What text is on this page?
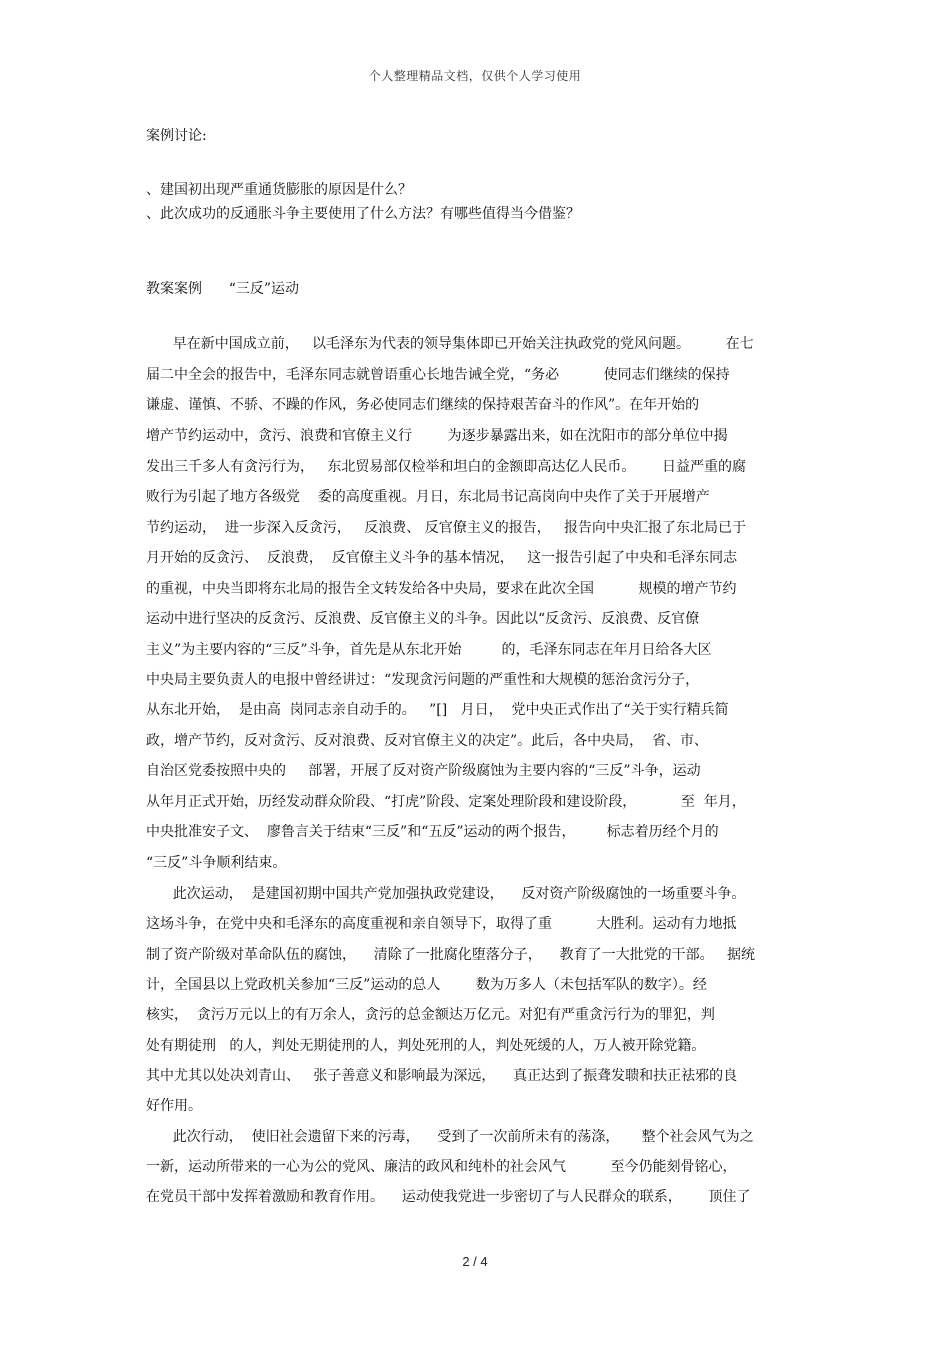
个人整理精品文档，仅供个人学习使用
案例讨论:
、建国初出现严重通货膨胀的原因是什么？
、此次成功的反通胀斗争主要使用了什么方法？有哪些值得当今借鉴？
教案案例      “三反”运动
早在新中国成立前，   以毛泽东为代表的领导集体即已开始关注执政党的党风问题。        在七
届二中全会的报告中，毛泽东同志就曾语重心长地告诫全党，“务必          使同志们继续的保持
谦虚、谨慎、不骄、不躁的作风，务必使同志们继续的保持艰苦奋斗的作风”。在年开始的
增产节约运动中，贪污、浪费和官僚主义行        为逐步暴露出来，如在沈阳市的部分单位中揭
发出三千多人有贪污行为，   东北贸易部仅检举和坦白的金额即高达亿人民币。      日益严重的腐
败行为引起了地方各级党    委的高度重视。月日，东北局书记高岗向中央作了关于开展增产
节约运动，  进一步深入反贪污，   反浪费、 反官僚主义的报告，   报告向中央汇报了东北局已于
月开始的反贪污、  反浪费，  反官僚主义斗争的基本情况，   这一报告引起了中央和毛泽东同志
的重视，中央当即将东北局的报告全文转发给各中央局，要求在此次全国          规模的增产节约
运动中进行坚决的反贪污、反浪费、反官僚主义的斗争。因此以“反贪污、反浪费、反官僚
主义”为主要内容的“三反”斗争，首先是从东北开始         的，毛泽东同志在年月日给各大区
中央局主要负责人的电报中曾经讲过：“发现贪污问题的严重性和大规模的惩治贪污分子，
从东北开始，  是由高  岗同志亲自动手的。   ”[]   月日，  党中央正式作出了“关于实行精兵简
政，增产节约，反对贪污、反对浪费、反对官僚主义的决定”。此后，各中央局，  省、市、
自治区党委按照中央的     部署，开展了反对资产阶级腐蚀为主要内容的“三反”斗争，运动
从年月正式开始，历经发动群众阶段、“打虎”阶段、定案处理阶段和建设阶段，          至  年月，
中央批准安子文、  廖鲁言关于结束“三反”和“五反”运动的两个报告，       标志着历经个月的
“三反”斗争顺利结束。
此次运动，  是建国初期中国共产党加强执政党建设，    反对资产阶级腐蚀的一场重要斗争。
这场斗争，在党中央和毛泽东的高度重视和亲自领导下，取得了重          大胜利。运动有力地抵
制了资产阶级对革命队伍的腐蚀，    清除了一批腐化堕落分子，    教育了一大批党的干部。   据统
计，全国县以上党政机关参加“三反”运动的总人        数为万多人（未包括军队的数字）。经
核实，  贪污万元以上的有万余人，贪污的总金额达万亿元。对犯有严重贪污行为的罪犯，判
处有期徒刑   的人，判处无期徒刑的人，判处死刑的人，判处死缓的人，万人被开除党籍。
其中尤其以处决刘青山、   张子善意义和影响最为深远，    真正达到了振聋发聩和扶正祛邪的良
好作用。
此次行动，  使旧社会遗留下来的污毒，    受到了一次前所未有的荡涤，     整个社会风气为之
一新，运动所带来的一心为公的党风、廉洁的政风和纯朴的社会风气          至今仍能刻骨铭心，
在党员干部中发挥着激励和教育作用。    运动使我党进一步密切了与人民群众的联系，      顶住了
2 / 4
